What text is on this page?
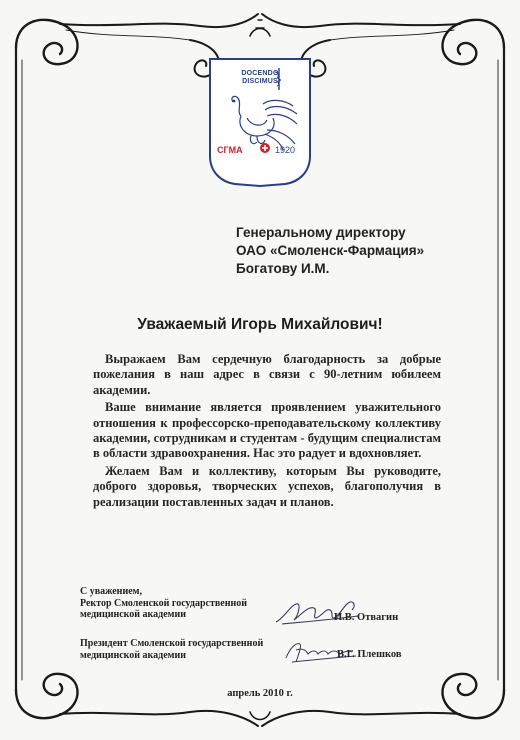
DOCENDO
DISCIMUS
СГМА	1920
Генеральному директору
ОАО «Смоленск-Фармация»
Богатову И.М.
Уважаемый Игорь Михайлович!

Выражаем Вам сердечную благодарность за добрые пожелания в наш адрес в связи с 90-летним юбилеем академии.

Ваше внимание является проявлением уважительного отношения к профессорско-преподавательскому коллективу академии, сотрудникам и студентам - будущим специалистам в области здравоохранения. Нас это радует и вдохновляет.

Желаем Вам и коллективу, которым Вы руководите, доброго здоровья, творческих успехов, благополучия в реализации поставленных задач и планов.

С уважением,
Ректор Смоленской государственной
медицинской академии	И.В. Отвагин
Президент Смоленской государственной
медицинской академии	В.Г. Плешков
апрель 2010 г.
